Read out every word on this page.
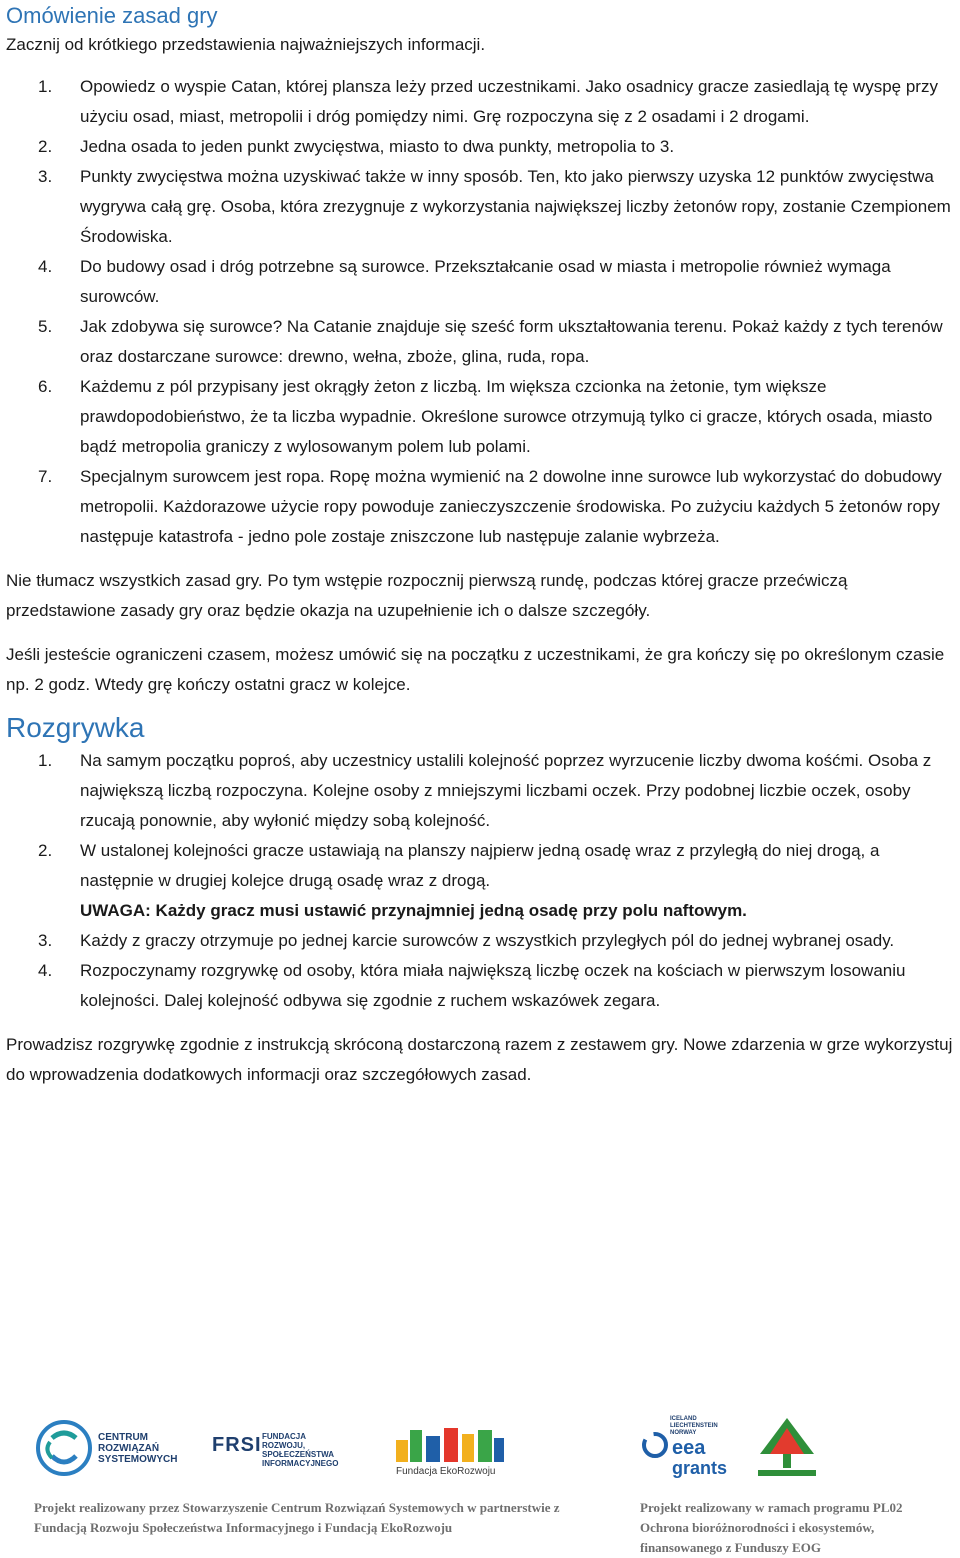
Omówienie zasad gry

Zacznij od krótkiego przedstawienia najważniejszych informacji.

1. Opowiedz o wyspie Catan, której plansza leży przed uczestnikami. Jako osadnicy gracze zasiedlają tę wyspę przy użyciu osad, miast, metropolii i dróg pomiędzy nimi. Grę rozpoczyna się z 2 osadami i 2 drogami.
2. Jedna osada to jeden punkt zwycięstwa, miasto to dwa punkty, metropolia to 3.
3. Punkty zwycięstwa można uzyskiwać także w inny sposób. Ten, kto jako pierwszy uzyska 12 punktów zwycięstwa wygrywa całą grę. Osoba, która zrezygnuje z wykorzystania największej liczby żetonów ropy, zostanie Czempionem Środowiska.
4. Do budowy osad i dróg potrzebne są surowce. Przekształcanie osad w miasta i metropolie również wymaga surowców.
5. Jak zdobywa się surowce? Na Catanie znajduje się sześć form ukształtowania terenu. Pokaż każdy z tych terenów oraz dostarczane surowce: drewno, wełna, zboże, glina, ruda, ropa.
6. Każdemu z pól przypisany jest okrągły żeton z liczbą. Im większa czcionka na żetonie, tym większe prawdopodobieństwo, że ta liczba wypadnie. Określone surowce otrzymują tylko ci gracze, których osada, miasto bądź metropolia graniczy z wylosowanym polem lub polami.
7. Specjalnym surowcem jest ropa. Ropę można wymienić na 2 dowolne inne surowce lub wykorzystać do dobudowy metropolii. Każdorazowe użycie ropy powoduje zanieczyszczenie środowiska. Po zużyciu każdych 5 żetonów ropy następuje katastrofa - jedno pole zostaje zniszczone lub następuje zalanie wybrzeża.

Nie tłumacz wszystkich zasad gry. Po tym wstępie rozpocznij pierwszą rundę, podczas której gracze przećwiczą przedstawione zasady gry oraz będzie okazja na uzupełnienie ich o dalsze szczegóły.

Jeśli jesteście ograniczeni czasem, możesz umówić się na początku z uczestnikami, że gra kończy się po określonym czasie np. 2 godz. Wtedy grę kończy ostatni gracz w kolejce.

Rozgrywka
1. Na samym początku poproś, aby uczestnicy ustalili kolejność poprzez wyrzucenie liczby dwoma kośćmi. Osoba z największą liczbą rozpoczyna. Kolejne osoby z mniejszymi liczbami oczek. Przy podobnej liczbie oczek, osoby rzucają ponownie, aby wyłonić między sobą kolejność.
2. W ustalonej kolejności gracze ustawiają na planszy najpierw jedną osadę wraz z przyległą do niej drogą, a następnie w drugiej kolejce drugą osadę wraz z drogą.
UWAGA: Każdy gracz musi ustawić przynajmniej jedną osadę przy polu naftowym.
3. Każdy z graczy otrzymuje po jednej karcie surowców z wszystkich przyległych pól do jednej wybranej osady.
4. Rozpoczynamy rozgrywkę od osoby, która miała największą liczbę oczek na kościach w pierwszym losowaniu kolejności. Dalej kolejność odbywa się zgodnie z ruchem wskazówek zegara.

Prowadzisz rozgrywkę zgodnie z instrukcją skróconą dostarczoną razem z zestawem gry. Nowe zdarzenia w grze wykorzystuj do wprowadzenia dodatkowych informacji oraz szczegółowych zasad.

CENTRUM
ROZWIĄZAŃ
SYSTEMOWYCH
FRSI FUNDACJA
ROZWOJU,
SPOŁECZEŃSTWA
INFORMACYJNEGO
Fundacja EkoRozwoju
ICELAND
LIECHTENSTEIN
NORWAY
eea
grants
Projekt realizowany przez Stowarzyszenie Centrum Rozwiązań Systemowych w partnerstwie z Fundacją Rozwoju Społeczeństwa Informacyjnego i Fundacją EkoRozwoju
Projekt realizowany w ramach programu PL02 Ochrona bioróżnorodności i ekosystemów, finansowanego z Funduszy EOG
